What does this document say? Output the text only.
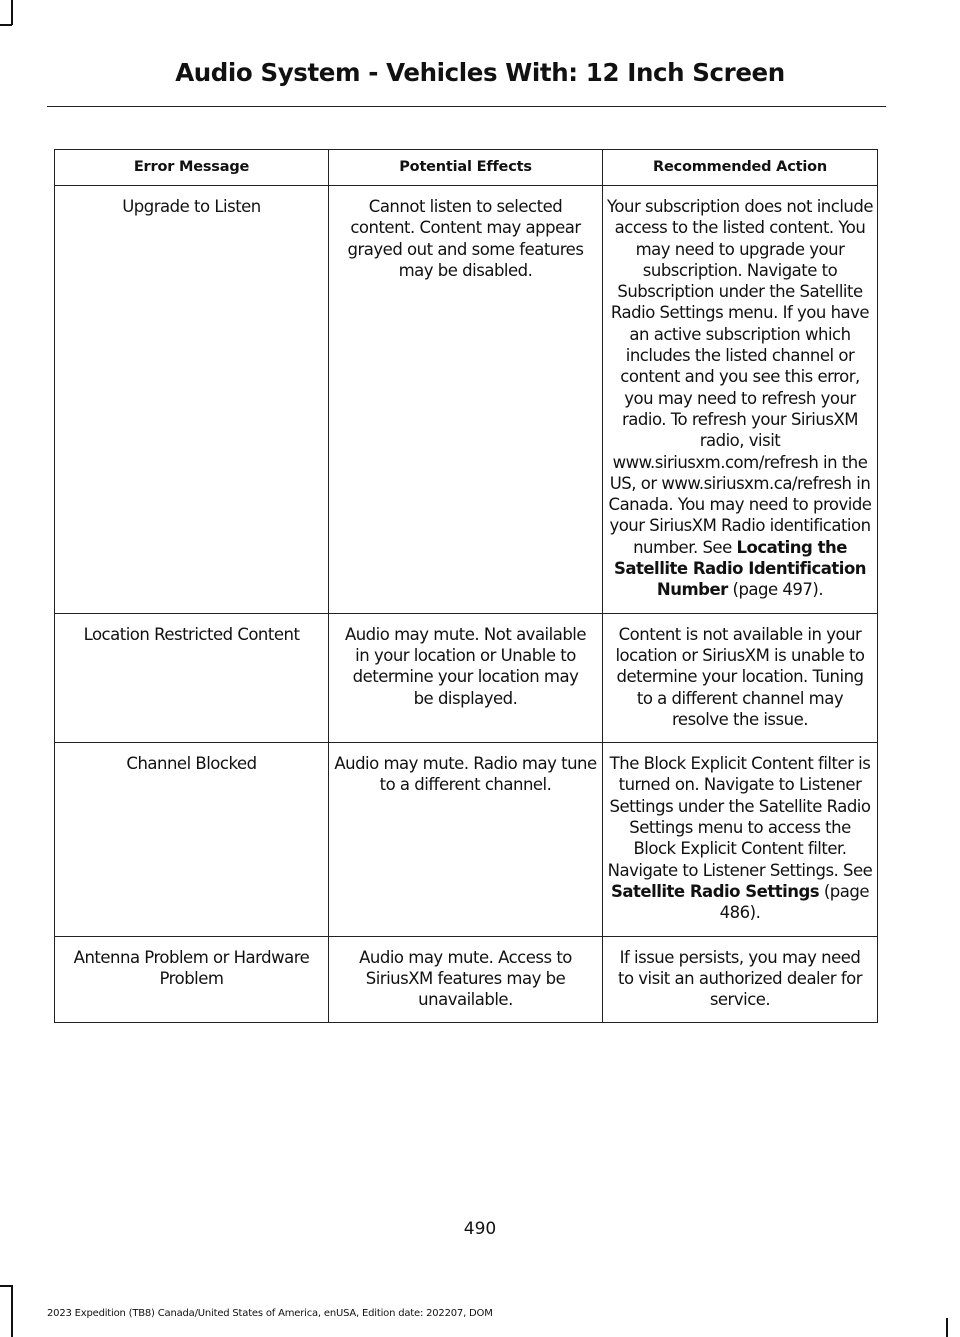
Audio System - Vehicles With: 12 Inch Screen
Error Message	Potential Effects	Recommended Action
Upgrade to Listen	Cannot listen to selected content. Content may appear grayed out and some features may be disabled.	Your subscription does not include access to the listed content. You may need to upgrade your subscription. Navigate to Subscription under the Satellite Radio Settings menu. If you have an active subscription which includes the listed channel or content and you see this error, you may need to refresh your radio. To refresh your SiriusXM radio, visit www.siriusxm.com/refresh in the US, or www.siriusxm.ca/refresh in Canada. You may need to provide your SiriusXM Radio identification number. See Locating the Satellite Radio Identification Number (page 497).
Location Restricted Content	Audio may mute. Not available in your location or Unable to determine your location may be displayed.	Content is not available in your location or SiriusXM is unable to determine your location. Tuning to a different channel may resolve the issue.
Channel Blocked	Audio may mute. Radio may tune to a different channel.	The Block Explicit Content filter is turned on. Navigate to Listener Settings under the Satellite Radio Settings menu to access the Block Explicit Content filter. Navigate to Listener Settings. See Satellite Radio Settings (page 486).
Antenna Problem or Hardware Problem	Audio may mute. Access to SiriusXM features may be unavailable.	If issue persists, you may need to visit an authorized dealer for service.
490
2023 Expedition (TB8) Canada/United States of America, enUSA, Edition date: 202207, DOM
